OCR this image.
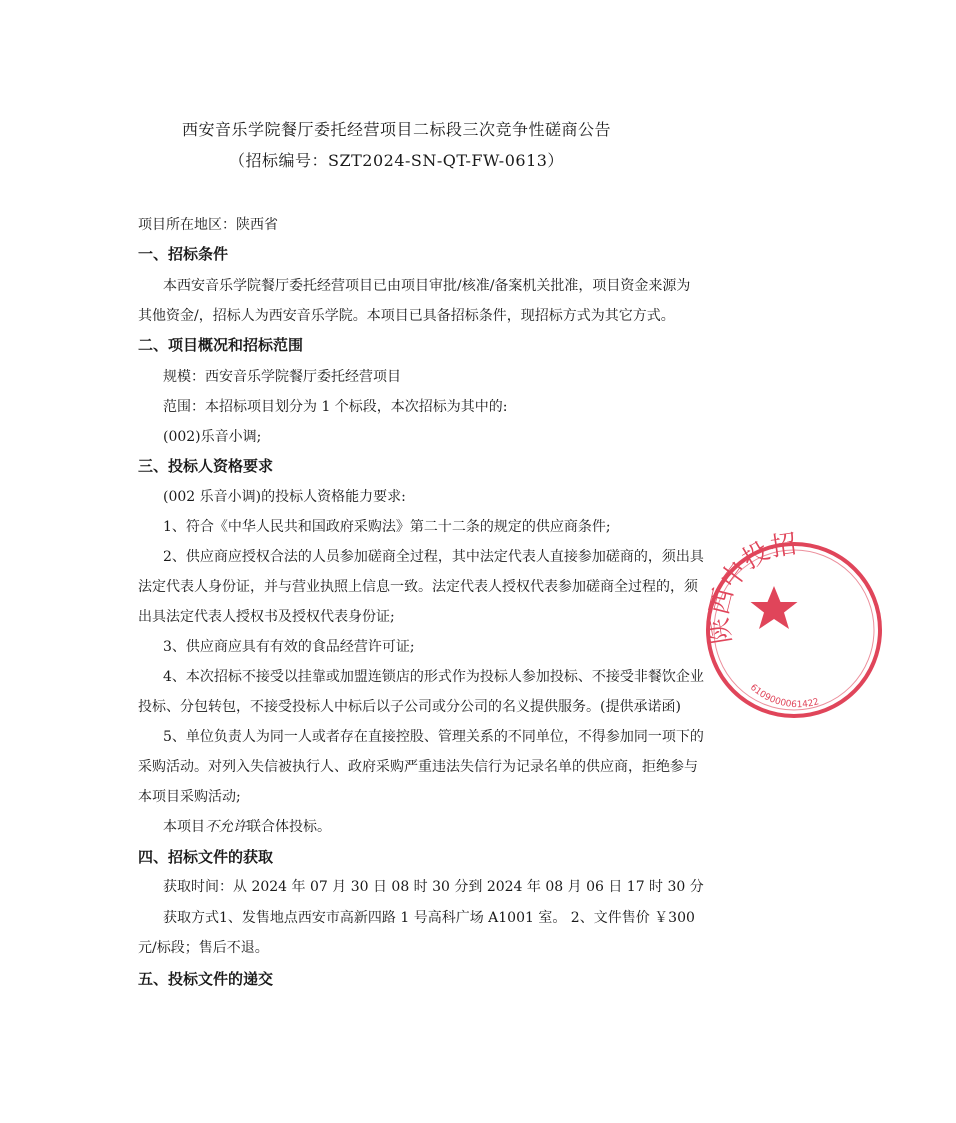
西安音乐学院餐厅委托经营项目二标段三次竞争性磋商公告
（招标编号：SZT2024-SN-QT-FW-0613）
项目所在地区：陕西省
一、招标条件
本西安音乐学院餐厅委托经营项目已由项目审批/核准/备案机关批准，项目资金来源为
其他资金/，招标人为西安音乐学院。本项目已具备招标条件，现招标方式为其它方式。
二、项目概况和招标范围
规模：西安音乐学院餐厅委托经营项目
范围：本招标项目划分为 1 个标段，本次招标为其中的:
(002)乐音小调;
三、投标人资格要求
(002 乐音小调)的投标人资格能力要求:
1、符合《中华人民共和国政府采购法》第二十二条的规定的供应商条件;
2、供应商应授权合法的人员参加磋商全过程，其中法定代表人直接参加磋商的，须出具
法定代表人身份证，并与营业执照上信息一致。法定代表人授权代表参加磋商全过程的，须
出具法定代表人授权书及授权代表身份证;
3、供应商应具有有效的食品经营许可证;
4、本次招标不接受以挂靠或加盟连锁店的形式作为投标人参加投标、不接受非餐饮企业
投标、分包转包，不接受投标人中标后以子公司或分公司的名义提供服务。(提供承诺函)
5、单位负责人为同一人或者存在直接控股、管理关系的不同单位，不得参加同一项下的
采购活动。对列入失信被执行人、政府采购严重违法失信行为记录名单的供应商，拒绝参与
本项目采购活动;
本项目不允许联合体投标。
四、招标文件的获取
获取时间：从 2024 年 07 月 30 日 08 时 30 分到 2024 年 08 月 06 日 17 时 30 分
获取方式1、发售地点西安市高新四路 1 号高科广场 A1001 室。 2、文件售价 ￥300
元/标段；售后不退。
五、投标文件的递交
陕西中投招
6109000061422
